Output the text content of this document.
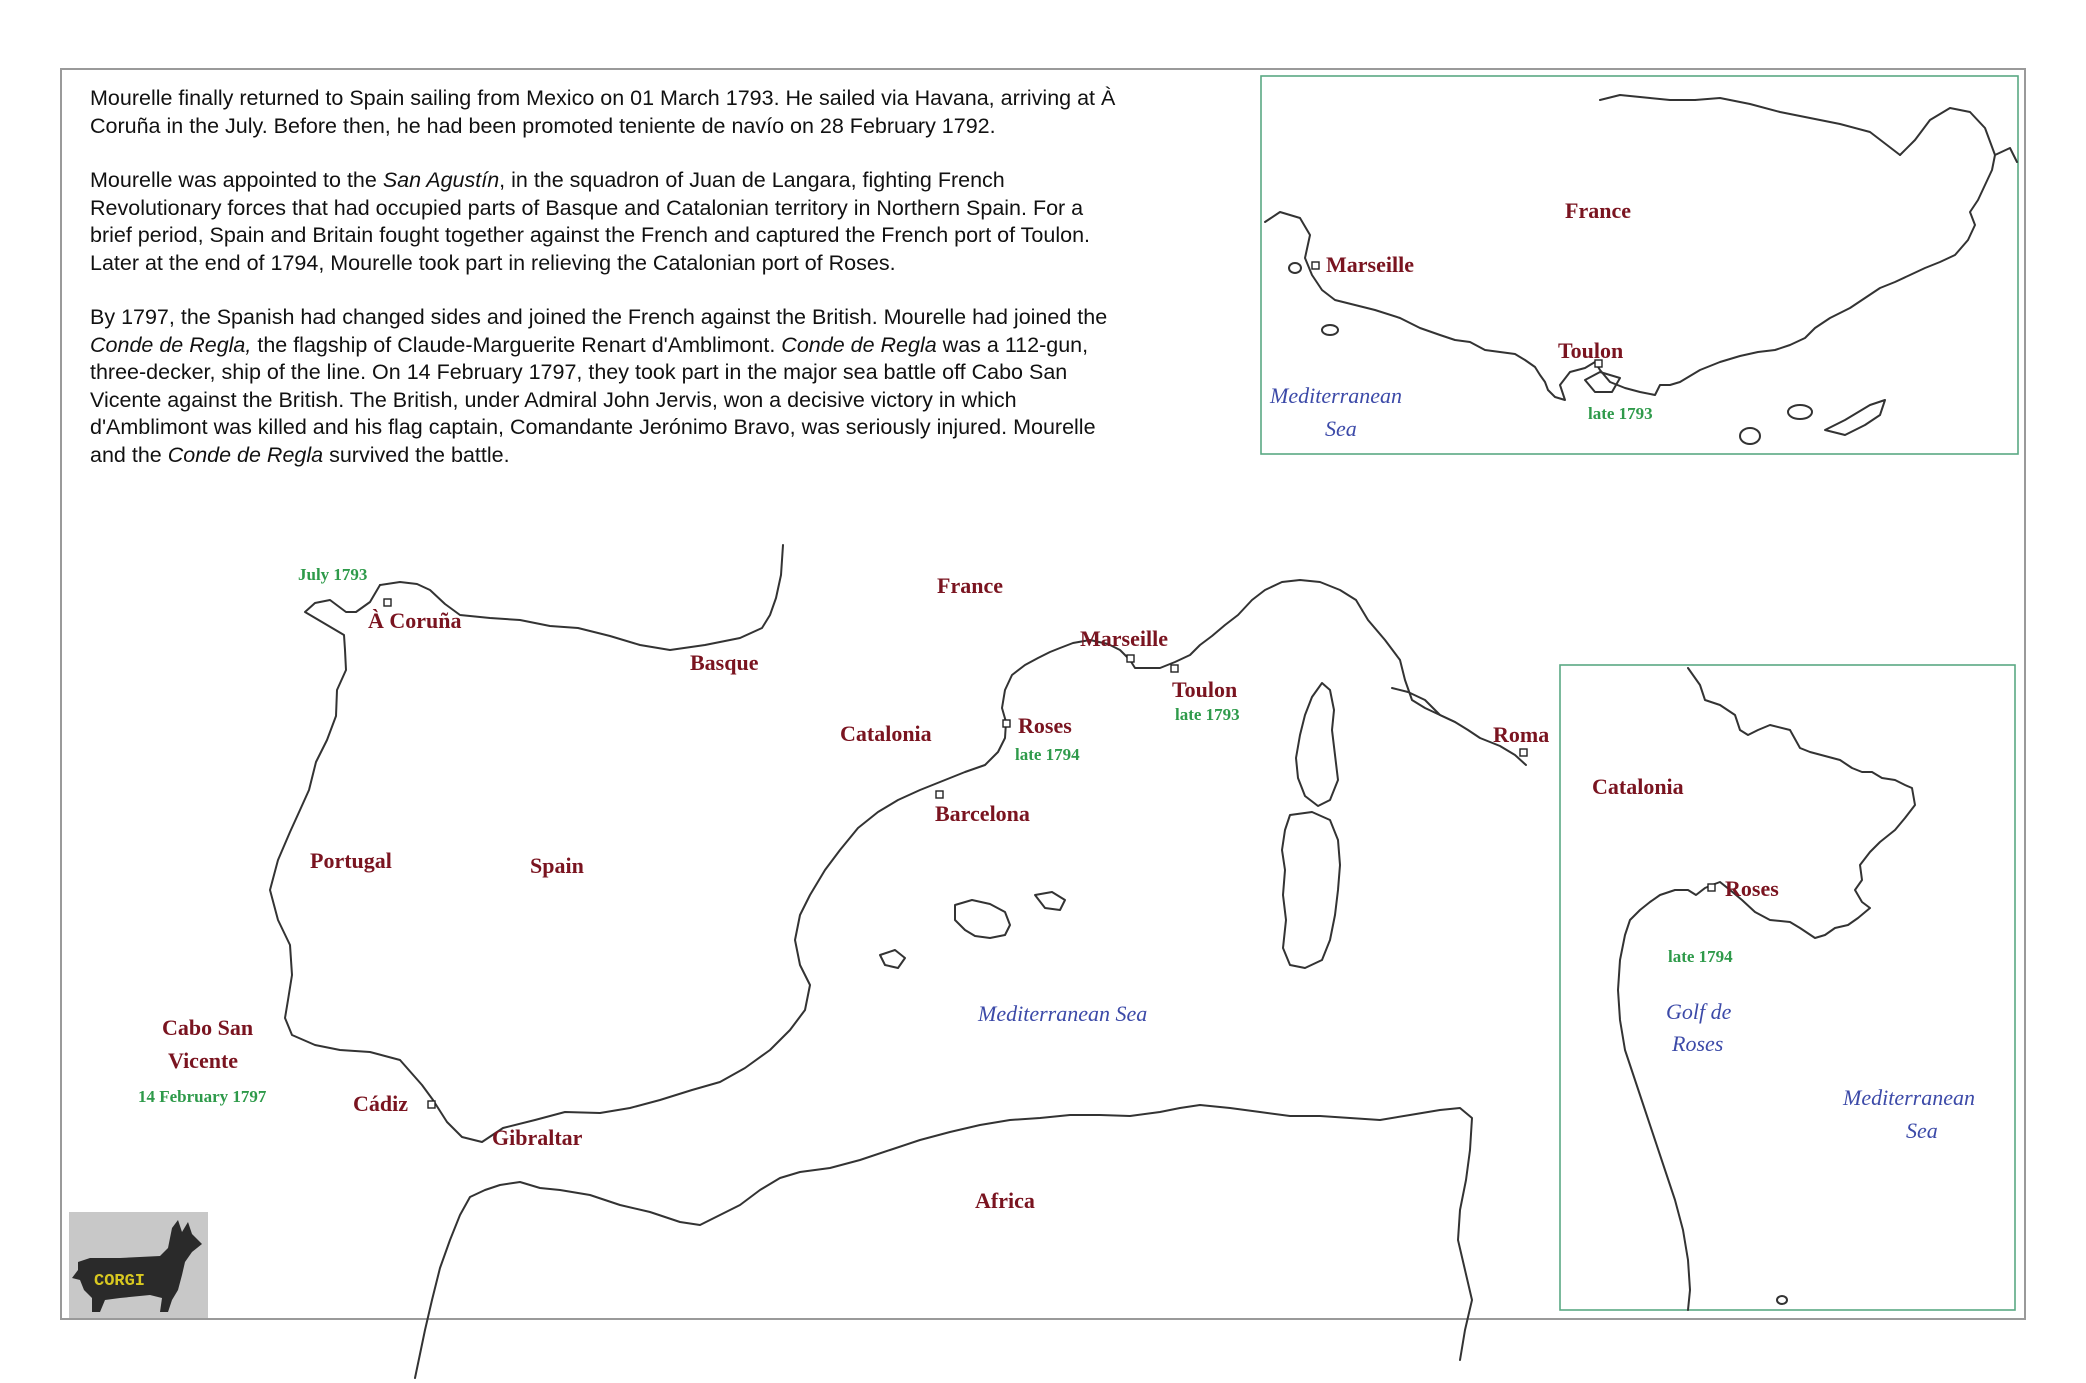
Mourelle finally returned to Spain sailing from Mexico on 01 March 1793. He sailed via Havana, arriving at À Coruña in the July. Before then, he had been promoted teniente de navío on 28 February 1792.

Mourelle was appointed to the San Agustín, in the squadron of Juan de Langara, fighting French Revolutionary forces that had occupied parts of Basque and Catalonian territory in Northern Spain. For a brief period, Spain and Britain fought together against the French and captured the French port of Toulon. Later at the end of 1794, Mourelle took part in relieving the Catalonian port of Roses.

By 1797, the Spanish had changed sides and joined the French against the British. Mourelle had joined the Conde de Regla, the flagship of Claude-Marguerite Renart d'Amblimont. Conde de Regla was a 112-gun, three-decker, ship of the line. On 14 February 1797, they took part in the major sea battle off Cabo San Vicente against the British. The British, under Admiral John Jervis, won a decisive victory in which d'Amblimont was killed and his flag captain, Comandante Jerónimo Bravo, was seriously injured. Mourelle and the Conde de Regla survived the battle.

France
Basque
Catalonia
Portugal	Spain
Africa
À Coruña
Marseille
Toulon
Roses
Barcelona
Roma
Cabo San
Vicente
Cádiz
Gibraltar
Mediterranean Sea
July 1793
late 1793
late 1794
14 February 1797
France
Marseille
Toulon
late 1793
Mediterranean
Sea
Catalonia
Roses
late 1794
Golf de
Roses
Mediterranean
Sea
CORGI
